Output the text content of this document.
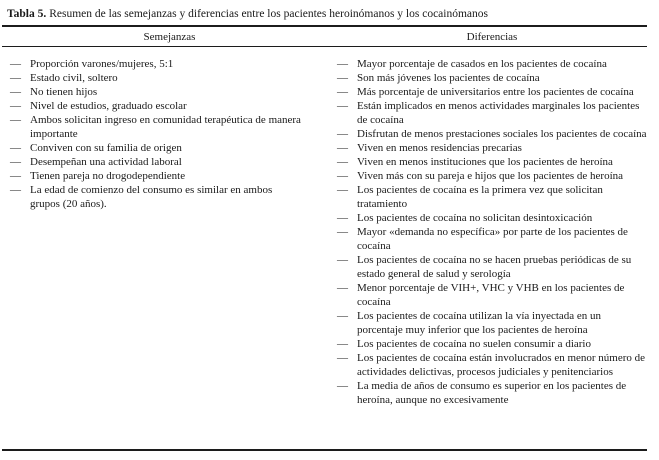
Tabla 5. Resumen de las semejanzas y diferencias entre los pacientes heroinómanos y los cocainómanos
Semejanzas	Diferencias
— Proporción varones/mujeres, 5:1
— Estado civil, soltero
— No tienen hijos
— Nivel de estudios, graduado escolar
— Ambos solicitan ingreso en comunidad terapéutica de manera importante
— Conviven con su familia de origen
— Desempeñan una actividad laboral
— Tienen pareja no drogodependiente
— La edad de comienzo del consumo es similar en ambos grupos (20 años).
— Mayor porcentaje de casados en los pacientes de cocaína
— Son más jóvenes los pacientes de cocaína
— Más porcentaje de universitarios entre los pacientes de cocaína
— Están implicados en menos actividades marginales los pacientes de cocaína
— Disfrutan de menos prestaciones sociales los pacientes de cocaína
— Viven en menos residencias precarias
— Viven en menos instituciones que los pacientes de heroína
— Viven más con su pareja e hijos que los pacientes de heroína
— Los pacientes de cocaína es la primera vez que solicitan tratamiento
— Los pacientes de cocaína no solicitan desintoxicación
— Mayor «demanda no específica» por parte de los pacientes de cocaína
— Los pacientes de cocaína no se hacen pruebas periódicas de su estado general de salud y serología
— Menor porcentaje de VIH+, VHC y VHB en los pacientes de cocaína
— Los pacientes de cocaína utilizan la vía inyectada en un porcentaje muy inferior que los pacientes de heroína
— Los pacientes de cocaína no suelen consumir a diario
— Los pacientes de cocaína están involucrados en menor número de actividades delictivas, procesos judiciales y penitenciarios
— La media de años de consumo es superior en los pacientes de heroína, aunque no excesivamente
